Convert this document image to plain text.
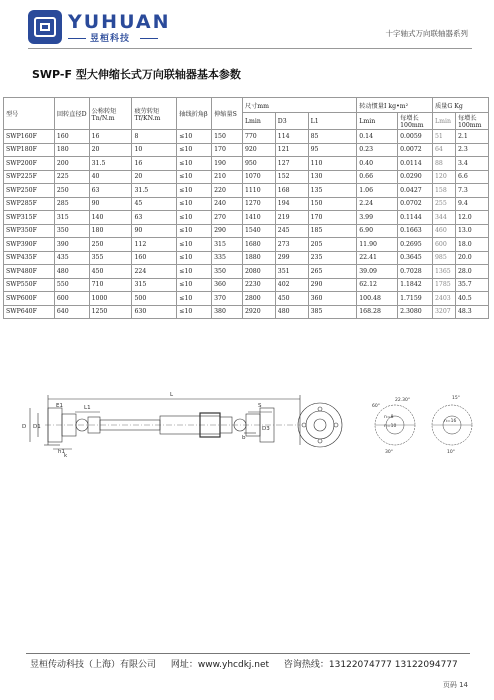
YUHUAN
昱桓科技
十字轴式万向联轴器系列
SWP-F 型大伸缩长式万向联轴器基本参数
型号	回转直径D	公称转矩Tn/N.m	疲劳转矩Tf/KN.m	轴线折角β	伸缩量S	尺寸mm			转动惯量I kg•m²		质量G Kg	
						Lmin	D3	L1	Lmin	每增长100mm	Lmin	每增长100mm
SWP160F	160	16	8	≤10	150	770	114	85	0.14	0.0059	51	2.1
SWP180F	180	20	10	≤10	170	920	121	95	0.23	0.0072	64	2.3
SWP200F	200	31.5	16	≤10	190	950	127	110	0.40	0.0114	88	3.4
SWP225F	225	40	20	≤10	210	1070	152	130	0.66	0.0290	120	6.6
SWP250F	250	63	31.5	≤10	220	1110	168	135	1.06	0.0427	158	7.3
SWP285F	285	90	45	≤10	240	1270	194	150	2.24	0.0702	255	9.4
SWP315F	315	140	63	≤10	270	1410	219	170	3.99	0.1144	344	12.0
SWP350F	350	180	90	≤10	290	1540	245	185	6.90	0.1663	460	13.0
SWP390F	390	250	112	≤10	315	1680	273	205	11.90	0.2695	600	18.0
SWP435F	435	355	160	≤10	335	1880	299	235	22.41	0.3645	985	20.0
SWP480F	480	450	224	≤10	350	2080	351	265	39.09	0.7028	1365	28.0
SWP550F	550	710	315	≤10	360	2230	402	290	62.12	1.1842	1785	35.7
SWP600F	600	1000	500	≤10	370	2800	450	360	100.48	1.7159	2403	40.5
SWP640F	640	1250	630	≤10	380	2920	480	385	168.28	2.3080	3207	48.3
L
L1
E1	S
D D1	D3
h1
b
k
n=8
n=10
n=16
22.30°
60°
15°
30°	10°
昱桓传动科技（上海）有限公司 网址：www.yhcdkj.net 咨询热线：13122074777 13122094777
页码 14
